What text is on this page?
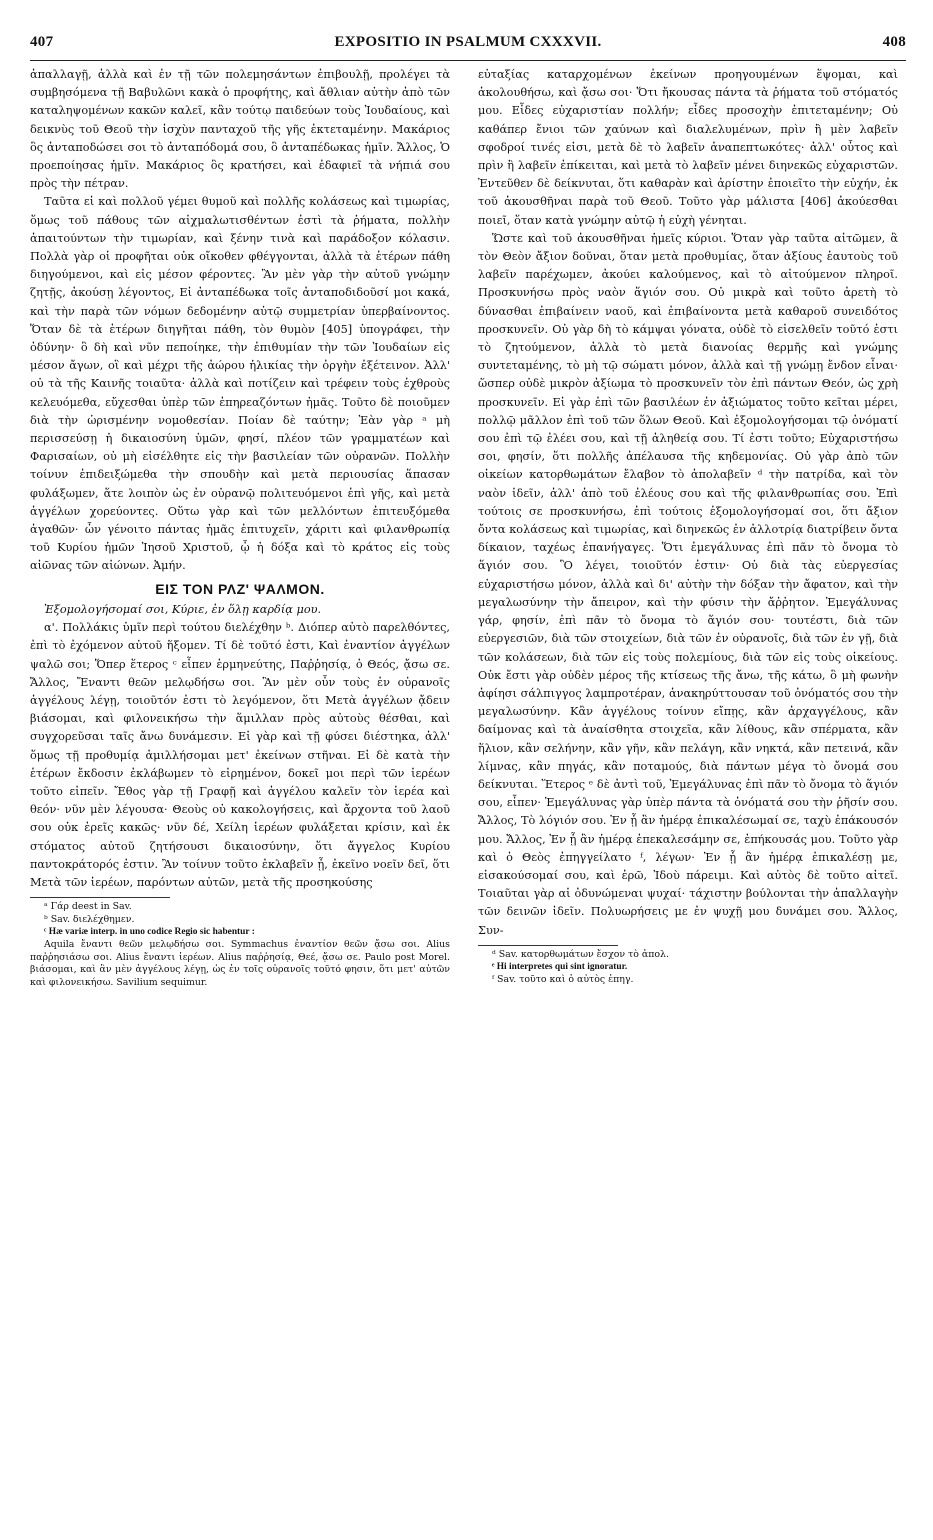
407	EXPOSITIO IN PSALMUM CXXXVII.	408

ἀπαλλαγῇ, ἀλλὰ καὶ ἐν τῇ τῶν πολεμησάντων ἐπιβουλῇ, προλέγει τὰ συμβησόμενα τῇ Βαβυλῶνι κακὰ ὁ προφήτης, καὶ ἄθλιαν αὐτὴν ἀπὸ τῶν καταληψομένων κακῶν καλεῖ, κἂν τούτῳ παιδεύων τοὺς Ἰουδαίους, καὶ δεικνὺς τοῦ Θεοῦ τὴν ἰσχὺν πανταχοῦ τῆς γῆς ἐκτεταμένην. Μακάριος ὃς ἀνταποδώσει σοι τὸ ἀνταπόδομά σου, ὃ ἀνταπέδωκας ἡμῖν. Ἄλλος, Ὁ προεποίησας ἡμῖν. Μακάριος ὃς κρατήσει, καὶ ἐδαφιεῖ τὰ νήπιά σου πρὸς τὴν πέτραν.

Ταῦτα εἰ καὶ πολλοῦ γέμει θυμοῦ καὶ πολλῆς κολάσεως καὶ τιμωρίας, ὅμως τοῦ πάθους τῶν αἰχμαλωτισθέντων ἐστὶ τὰ ῥήματα, πολλὴν ἀπαιτούντων τὴν τιμωρίαν, καὶ ξένην τινὰ καὶ παράδοξον κόλασιν. Πολλὰ γὰρ οἱ προφῆται οὐκ οἴκοθεν φθέγγονται, ἀλλὰ τὰ ἑτέρων πάθη διηγούμενοι, καὶ εἰς μέσον φέροντες. Ἂν μὲν γὰρ τὴν αὐτοῦ γνώμην ζητῇς, ἀκούσῃ λέγοντος, Εἰ ἀνταπέδωκα τοῖς ἀνταποδιδοῦσί μοι κακά, καὶ τὴν παρὰ τῶν νόμων δεδομένην αὐτῷ συμμετρίαν ὑπερβαίνοντος. Ὅταν δὲ τὰ ἑτέρων διηγῆται πάθη, τὸν θυμὸν [405] ὑπογράφει, τὴν ὀδύνην· ὃ δὴ καὶ νῦν πεποίηκε, τὴν ἐπιθυμίαν τὴν τῶν Ἰουδαίων εἰς μέσον ἄγων, οἳ καὶ μέχρι τῆς ἀώρου ἡλικίας τὴν ὀργὴν ἐξέτεινον. Ἀλλ' οὐ τὰ τῆς Καινῆς τοιαῦτα· ἀλλὰ καὶ ποτίζειν καὶ τρέφειν τοὺς ἐχθροὺς κελευόμεθα, εὔχεσθαι ὑπὲρ τῶν ἐπηρεαζόντων ἡμᾶς. Τοῦτο δὲ ποιοῦμεν διὰ τὴν ὡρισμένην νομοθεσίαν. Ποίαν δὲ ταύτην; Ἐὰν γὰρ ᵃ μὴ περισσεύσῃ ἡ δικαιοσύνη ὑμῶν, φησί, πλέον τῶν γραμματέων καὶ Φαρισαίων, οὐ μὴ εἰσέλθητε εἰς τὴν βασιλείαν τῶν οὐρανῶν. Πολλὴν τοίνυν ἐπιδειξώμεθα τὴν σπουδὴν καὶ μετὰ περιουσίας ἅπασαν φυλάξωμεν, ἅτε λοιπὸν ὡς ἐν οὐρανῷ πολιτευόμενοι ἐπὶ γῆς, καὶ μετὰ ἀγγέλων χορεύοντες. Οὕτω γὰρ καὶ τῶν μελλόντων ἐπιτευξόμεθα ἀγαθῶν· ὧν γένοιτο πάντας ἡμᾶς ἐπιτυχεῖν, χάριτι καὶ φιλανθρωπίᾳ τοῦ Κυρίου ἡμῶν Ἰησοῦ Χριστοῦ, ᾧ ἡ δόξα καὶ τὸ κράτος εἰς τοὺς αἰῶνας τῶν αἰώνων. Ἀμήν.

ΕΙΣ ΤΟΝ ΡΛΖ' ΨΑΛΜΟΝ.

Ἐξομολογήσομαί σοι, Κύριε, ἐν ὅλῃ καρδίᾳ μου.

α'. Πολλάκις ὑμῖν περὶ τούτου διελέχθην ᵇ. Διόπερ αὐτὸ παρελθόντες, ἐπὶ τὸ ἐχόμενον αὐτοῦ ἥξομεν. Τί δὲ τοῦτό ἐστι, Καὶ ἐναντίον ἀγγέλων ψαλῶ σοι; Ὅπερ ἕτερος ᶜ εἶπεν ἑρμηνεύτης, Παῤῥησίᾳ, ὁ Θεός, ᾄσω σε. Ἄλλος, Ἔναντι θεῶν μελῳδήσω σοι. Ἂν μὲν οὖν τοὺς ἐν οὐρανοῖς ἀγγέλους λέγῃ, τοιοῦτόν ἐστι τὸ λεγόμενον, ὅτι Μετὰ ἀγγέλων ᾄδειν βιάσομαι, καὶ φιλονεικήσω τὴν ἅμιλλαν πρὸς αὐτοὺς θέσθαι, καὶ συγχορεῦσαι ταῖς ἄνω δυνάμεσιν. Εἰ γὰρ καὶ τῇ φύσει διέστηκα, ἀλλ' ὅμως τῇ προθυμίᾳ ἁμιλλήσομαι μετ' ἐκείνων στῆναι. Εἰ δὲ κατὰ τὴν ἑτέρων ἔκδοσιν ἐκλάβωμεν τὸ εἰρημένον, δοκεῖ μοι περὶ τῶν ἱερέων τοῦτο εἰπεῖν. Ἔθος γὰρ τῇ Γραφῇ καὶ ἀγγέλου καλεῖν τὸν ἱερέα καὶ θεόν· νῦν μὲν λέγουσα· Θεοὺς οὐ κακολογήσεις, καὶ ἄρχοντα τοῦ λαοῦ σου οὐκ ἐρεῖς κακῶς· νῦν δέ, Χείλη ἱερέων φυλάξεται κρίσιν, καὶ ἐκ στόματος αὐτοῦ ζητήσουσι δικαιοσύνην, ὅτι ἄγγελος Κυρίου παντοκράτορός ἐστιν. Ἂν τοίνυν τοῦτο ἐκλαβεῖν ᾖ, ἐκεῖνο νοεῖν δεῖ, ὅτι Μετὰ τῶν ἱερέων, παρόντων αὐτῶν, μετὰ τῆς προσηκούσης

ᵃ Γάρ deest in Sav.

ᵇ Sav. διελέχθημεν.

ᶜ Hæ variæ interp. in uno codice Regio sic habentur :

Aquila ἔναντι θεῶν μελῳδήσω σοι. Symmachus ἐναντίον θεῶν ᾄσω σοι. Alius παῤῥησιάσω σοι. Alius ἔναντι ἱερέων. Alius παῤῥησίᾳ, Θεέ, ᾄσω σε. Paulo post Morel. βιάσομαι, καὶ ἂν μὲν ἀγγέλους λέγῃ, ὡς ἐν τοῖς οὐρανοῖς τοῦτό φησιν, ὅτι μετ' αὐτῶν καὶ φιλονεικήσω. Savilium sequimur.

εὐταξίας καταρχομένων ἐκείνων προηγουμένων ἕψομαι, καὶ ἀκολουθήσω, καὶ ᾄσω σοι· Ὅτι ἤκουσας πάντα τὰ ῥήματα τοῦ στόματός μου. Εἶδες εὐχαριστίαν πολλήν; εἶδες προσοχὴν ἐπιτεταμένην; Οὐ καθάπερ ἔνιοι τῶν χαύνων καὶ διαλελυμένων, πρὶν ἢ μὲν λαβεῖν σφοδροί τινές εἰσι, μετὰ δὲ τὸ λαβεῖν ἀναπεπτωκότες· ἀλλ' οὗτος καὶ πρὶν ἢ λαβεῖν ἐπίκειται, καὶ μετὰ τὸ λαβεῖν μένει διηνεκῶς εὐχαριστῶν. Ἐντεῦθεν δὲ δείκνυται, ὅτι καθαρὰν καὶ ἀρίστην ἐποιεῖτο τὴν εὐχήν, ἐκ τοῦ ἀκουσθῆναι παρὰ τοῦ Θεοῦ. Τοῦτο γὰρ μάλιστα [406] ἀκούεσθαι ποιεῖ, ὅταν κατὰ γνώμην αὐτῷ ἡ εὐχὴ γένηται.

Ὥστε καὶ τοῦ ἀκουσθῆναι ἡμεῖς κύριοι. Ὅταν γὰρ ταῦτα αἰτῶμεν, ἃ τὸν Θεὸν ἄξιον δοῦναι, ὅταν μετὰ προθυμίας, ὅταν ἀξίους ἑαυτοὺς τοῦ λαβεῖν παρέχωμεν, ἀκούει καλούμενος, καὶ τὸ αἰτούμενον πληροῖ. Προσκυνήσω πρὸς ναὸν ἅγιόν σου. Οὐ μικρὰ καὶ τοῦτο ἀρετὴ τὸ δύνασθαι ἐπιβαίνειν ναοῦ, καὶ ἐπιβαίνοντα μετὰ καθαροῦ συνειδότος προσκυνεῖν. Οὐ γὰρ δὴ τὸ κάμψαι γόνατα, οὐδὲ τὸ εἰσελθεῖν τοῦτό ἐστι τὸ ζητούμενον, ἀλλὰ τὸ μετὰ διανοίας θερμῆς καὶ γνώμης συντεταμένης, τὸ μὴ τῷ σώματι μόνον, ἀλλὰ καὶ τῇ γνώμῃ ἔνδον εἶναι· ὥσπερ οὐδὲ μικρὸν ἀξίωμα τὸ προσκυνεῖν τὸν ἐπὶ πάντων Θεόν, ὡς χρὴ προσκυνεῖν. Εἰ γὰρ ἐπὶ τῶν βασιλέων ἐν ἀξιώματος τοῦτο κεῖται μέρει, πολλῷ μᾶλλον ἐπὶ τοῦ τῶν ὅλων Θεοῦ. Καὶ ἐξομολογήσομαι τῷ ὀνόματί σου ἐπὶ τῷ ἐλέει σου, καὶ τῇ ἀληθείᾳ σου. Τί ἐστι τοῦτο; Εὐχαριστήσω σοι, φησίν, ὅτι πολλῆς ἀπέλαυσα τῆς κηδεμονίας. Οὐ γὰρ ἀπὸ τῶν οἰκείων κατορθωμάτων ἔλαβον τὸ ἀπολαβεῖν ᵈ τὴν πατρίδα, καὶ τὸν ναὸν ἰδεῖν, ἀλλ' ἀπὸ τοῦ ἐλέους σου καὶ τῆς φιλανθρωπίας σου. Ἐπὶ τούτοις σε προσκυνήσω, ἐπὶ τούτοις ἐξομολογήσομαί σοι, ὅτι ἄξιον ὄντα κολάσεως καὶ τιμωρίας, καὶ διηνεκῶς ἐν ἀλλοτρίᾳ διατρίβειν ὄντα δίκαιον, ταχέως ἐπανήγαγες. Ὅτι ἐμεγάλυνας ἐπὶ πᾶν τὸ ὄνομα τὸ ἅγιόν σου. Ὃ λέγει, τοιοῦτόν ἐστιν· Οὐ διὰ τὰς εὐεργεσίας εὐχαριστήσω μόνον, ἀλλὰ καὶ δι' αὐτὴν τὴν δόξαν τὴν ἄφατον, καὶ τὴν μεγαλωσύνην τὴν ἄπειρον, καὶ τὴν φύσιν τὴν ἄῤῥητον. Ἐμεγάλυνας γάρ, φησίν, ἐπὶ πᾶν τὸ ὄνομα τὸ ἅγιόν σου· τουτέστι, διὰ τῶν εὐεργεσιῶν, διὰ τῶν στοιχείων, διὰ τῶν ἐν οὐρανοῖς, διὰ τῶν ἐν γῇ, διὰ τῶν κολάσεων, διὰ τῶν εἰς τοὺς πολεμίους, διὰ τῶν εἰς τοὺς οἰκείους. Οὐκ ἔστι γὰρ οὐδὲν μέρος τῆς κτίσεως τῆς ἄνω, τῆς κάτω, ὃ μὴ φωνὴν ἀφίησι σάλπιγγος λαμπροτέραν, ἀνακηρύττουσαν τοῦ ὀνόματός σου τὴν μεγαλωσύνην. Κἂν ἀγγέλους τοίνυν εἴπῃς, κἂν ἀρχαγγέλους, κἂν δαίμονας καὶ τὰ ἀναίσθητα στοιχεῖα, κἂν λίθους, κἂν σπέρματα, κἂν ἥλιον, κἂν σελήνην, κἂν γῆν, κἂν πελάγη, κἂν νηκτά, κἂν πετεινά, κἂν λίμνας, κἂν πηγάς, κἂν ποταμούς, διὰ πάντων μέγα τὸ ὄνομά σου δείκνυται. Ἕτερος ᵉ δὲ ἀντὶ τοῦ, Ἐμεγάλυνας ἐπὶ πᾶν τὸ ὄνομα τὸ ἅγιόν σου, εἶπεν· Ἐμεγάλυνας γὰρ ὑπὲρ πάντα τὰ ὀνόματά σου τὴν ῥῆσίν σου. Ἄλλος, Τὸ λόγιόν σου. Ἐν ᾗ ἂν ἡμέρᾳ ἐπικαλέσωμαί σε, ταχὺ ἐπάκουσόν μου. Ἄλλος, Ἐν ᾗ ἂν ἡμέρᾳ ἐπεκαλεσάμην σε, ἐπήκουσάς μου. Τοῦτο γὰρ καὶ ὁ Θεὸς ἐπηγγείλατο ᶠ, λέγων· Ἐν ᾗ ἂν ἡμέρᾳ ἐπικαλέσῃ με, εἰσακούσομαί σου, καὶ ἐρῶ, Ἰδοὺ πάρειμι. Καὶ αὐτὸς δὲ τοῦτο αἰτεῖ. Τοιαῦται γὰρ αἱ ὀδυνώμεναι ψυχαί· τάχιστην βούλονται τὴν ἀπαλλαγὴν τῶν δεινῶν ἰδεῖν. Πολυωρήσεις με ἐν ψυχῇ μου δυνάμει σου. Ἄλλος, Συν-

ᵈ Sav. κατορθωμάτων ἔσχον τὸ ἀπολ.

ᵉ Hi interpretes qui sint ignoratur.

ᶠ Sav. τοῦτο καὶ ὁ αὐτὸς ἐπηγ.
